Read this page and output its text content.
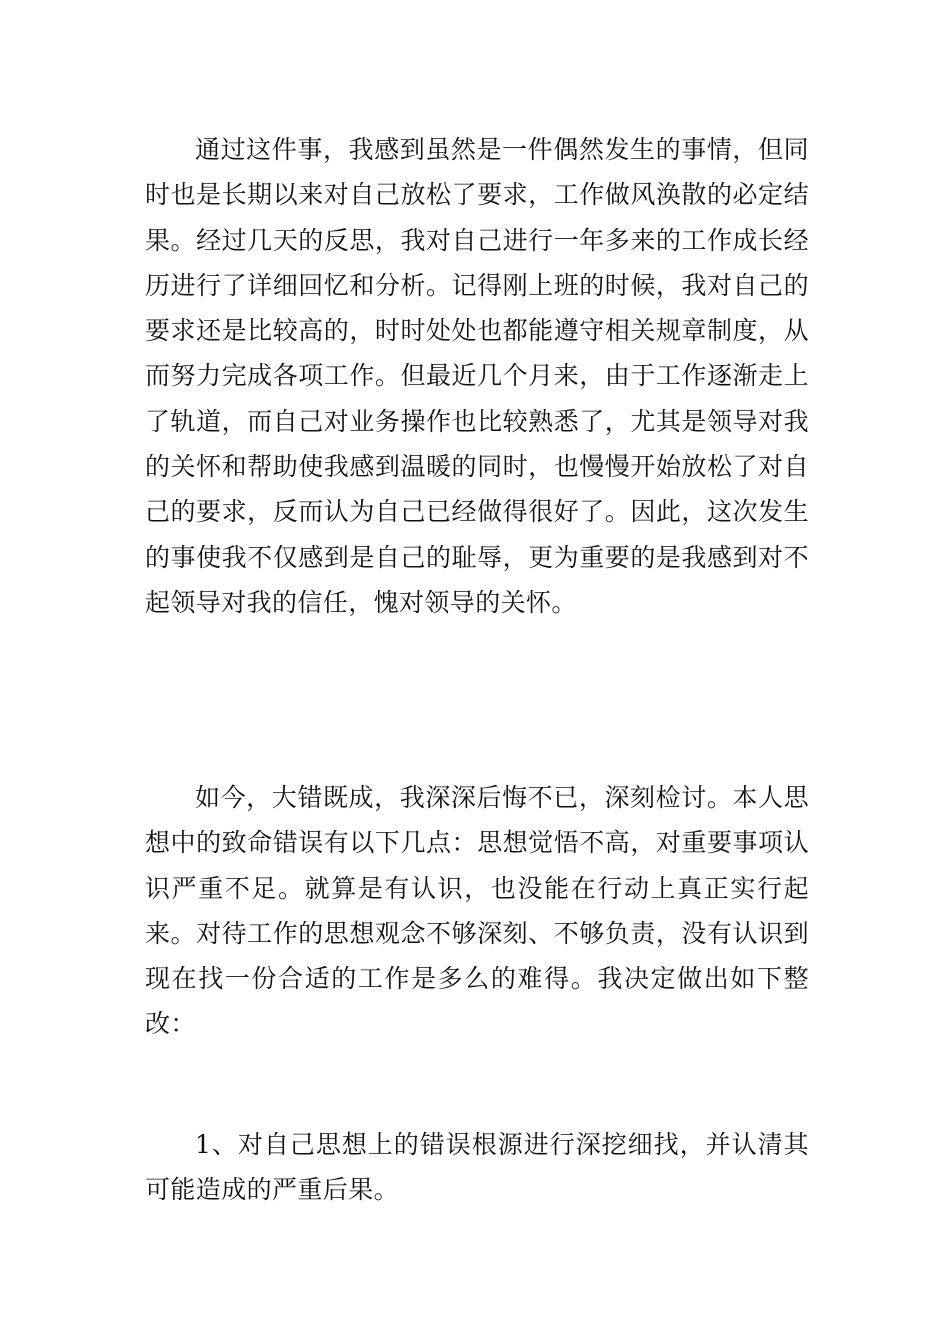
通过这件事，我感到虽然是一件偶然发生的事情，但同时也是长期以来对自己放松了要求，工作做风涣散的必定结果。经过几天的反思，我对自己进行一年多来的工作成长经历进行了详细回忆和分析。记得刚上班的时候，我对自己的要求还是比较高的，时时处处也都能遵守相关规章制度，从而努力完成各项工作。但最近几个月来，由于工作逐渐走上了轨道，而自己对业务操作也比较熟悉了，尤其是领导对我的关怀和帮助使我感到温暖的同时，也慢慢开始放松了对自己的要求，反而认为自己已经做得很好了。因此，这次发生的事使我不仅感到是自己的耻辱，更为重要的是我感到对不起领导对我的信任，愧对领导的关怀。

如今，大错既成，我深深后悔不已，深刻检讨。本人思想中的致命错误有以下几点：思想觉悟不高，对重要事项认识严重不足。就算是有认识，也没能在行动上真正实行起来。对待工作的思想观念不够深刻、不够负责，没有认识到现在找一份合适的工作是多么的难得。我决定做出如下整改：

1、对自己思想上的错误根源进行深挖细找，并认清其可能造成的严重后果。
